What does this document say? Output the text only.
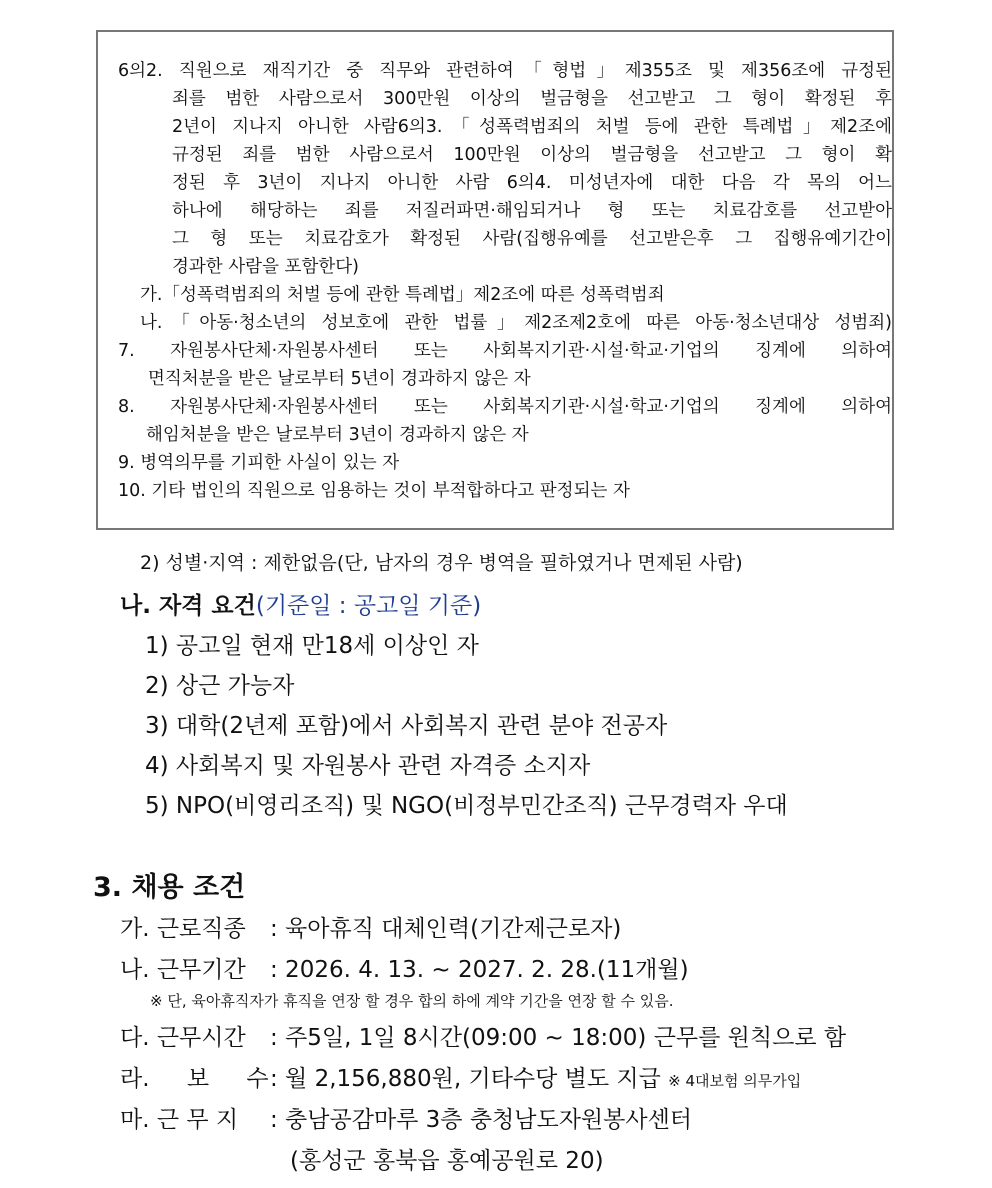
6의2. 직원으로 재직기간 중 직무와 관련하여「형법」제355조 및 제356조에 규정된
죄를 범한 사람으로서 300만원 이상의 벌금형을 선고받고 그 형이 확정된 후
2년이 지나지 아니한 사람6의3.「성폭력범죄의 처벌 등에 관한 특례법」제2조에
규정된 죄를 범한 사람으로서 100만원 이상의 벌금형을 선고받고 그 형이 확
정된 후 3년이 지나지 아니한 사람 6의4. 미성년자에 대한 다음 각 목의 어느
하나에 해당하는 죄를 저질러파면·해임되거나 형 또는 치료감호를 선고받아
그 형 또는 치료감호가 확정된 사람(집행유예를 선고받은후 그 집행유예기간이
경과한 사람을 포함한다)
가.「성폭력범죄의 처벌 등에 관한 특례법」제2조에 따른 성폭력범죄
나.「아동·청소년의 성보호에 관한 법률」제2조제2호에 따른 아동·청소년대상 성범죄)
7. 자원봉사단체·자원봉사센터 또는 사회복지기관·시설·학교·기업의 징계에 의하여
면직처분을 받은 날로부터 5년이 경과하지 않은 자
8. 자원봉사단체·자원봉사센터 또는 사회복지기관·시설·학교·기업의 징계에 의하여
해임처분을 받은 날로부터 3년이 경과하지 않은 자
9. 병역의무를 기피한 사실이 있는 자
10. 기타 법인의 직원으로 임용하는 것이 부적합하다고 판정되는 자
2) 성별·지역 : 제한없음(단, 남자의 경우 병역을 필하였거나 면제된 사람)
나. 자격 요건(기준일 : 공고일 기준)
1) 공고일 현재 만18세 이상인 자
2) 상근 가능자
3) 대학(2년제 포함)에서 사회복지 관련 분야 전공자
4) 사회복지 및 자원봉사 관련 자격증 소지자
5) NPO(비영리조직) 및 NGO(비정부민간조직) 근무경력자 우대
3. 채용 조건
가. 근로직종 : 육아휴직 대체인력(기간제근로자)
나. 근무기간 : 2026. 4. 13. ~ 2027. 2. 28.(11개월)
※ 단, 육아휴직자가 휴직을 연장 할 경우 합의 하에 계약 기간을 연장 할 수 있음.
다. 근무시간 : 주5일, 1일 8시간(09:00 ~ 18:00) 근무를 원칙으로 함
라. 보 수: 월 2,156,880원, 기타수당 별도 지급 ※ 4대보험 의무가입
마. 근 무 지 : 충남공감마루 3층 충청남도자원봉사센터
(홍성군 홍북읍 홍예공원로 20)
